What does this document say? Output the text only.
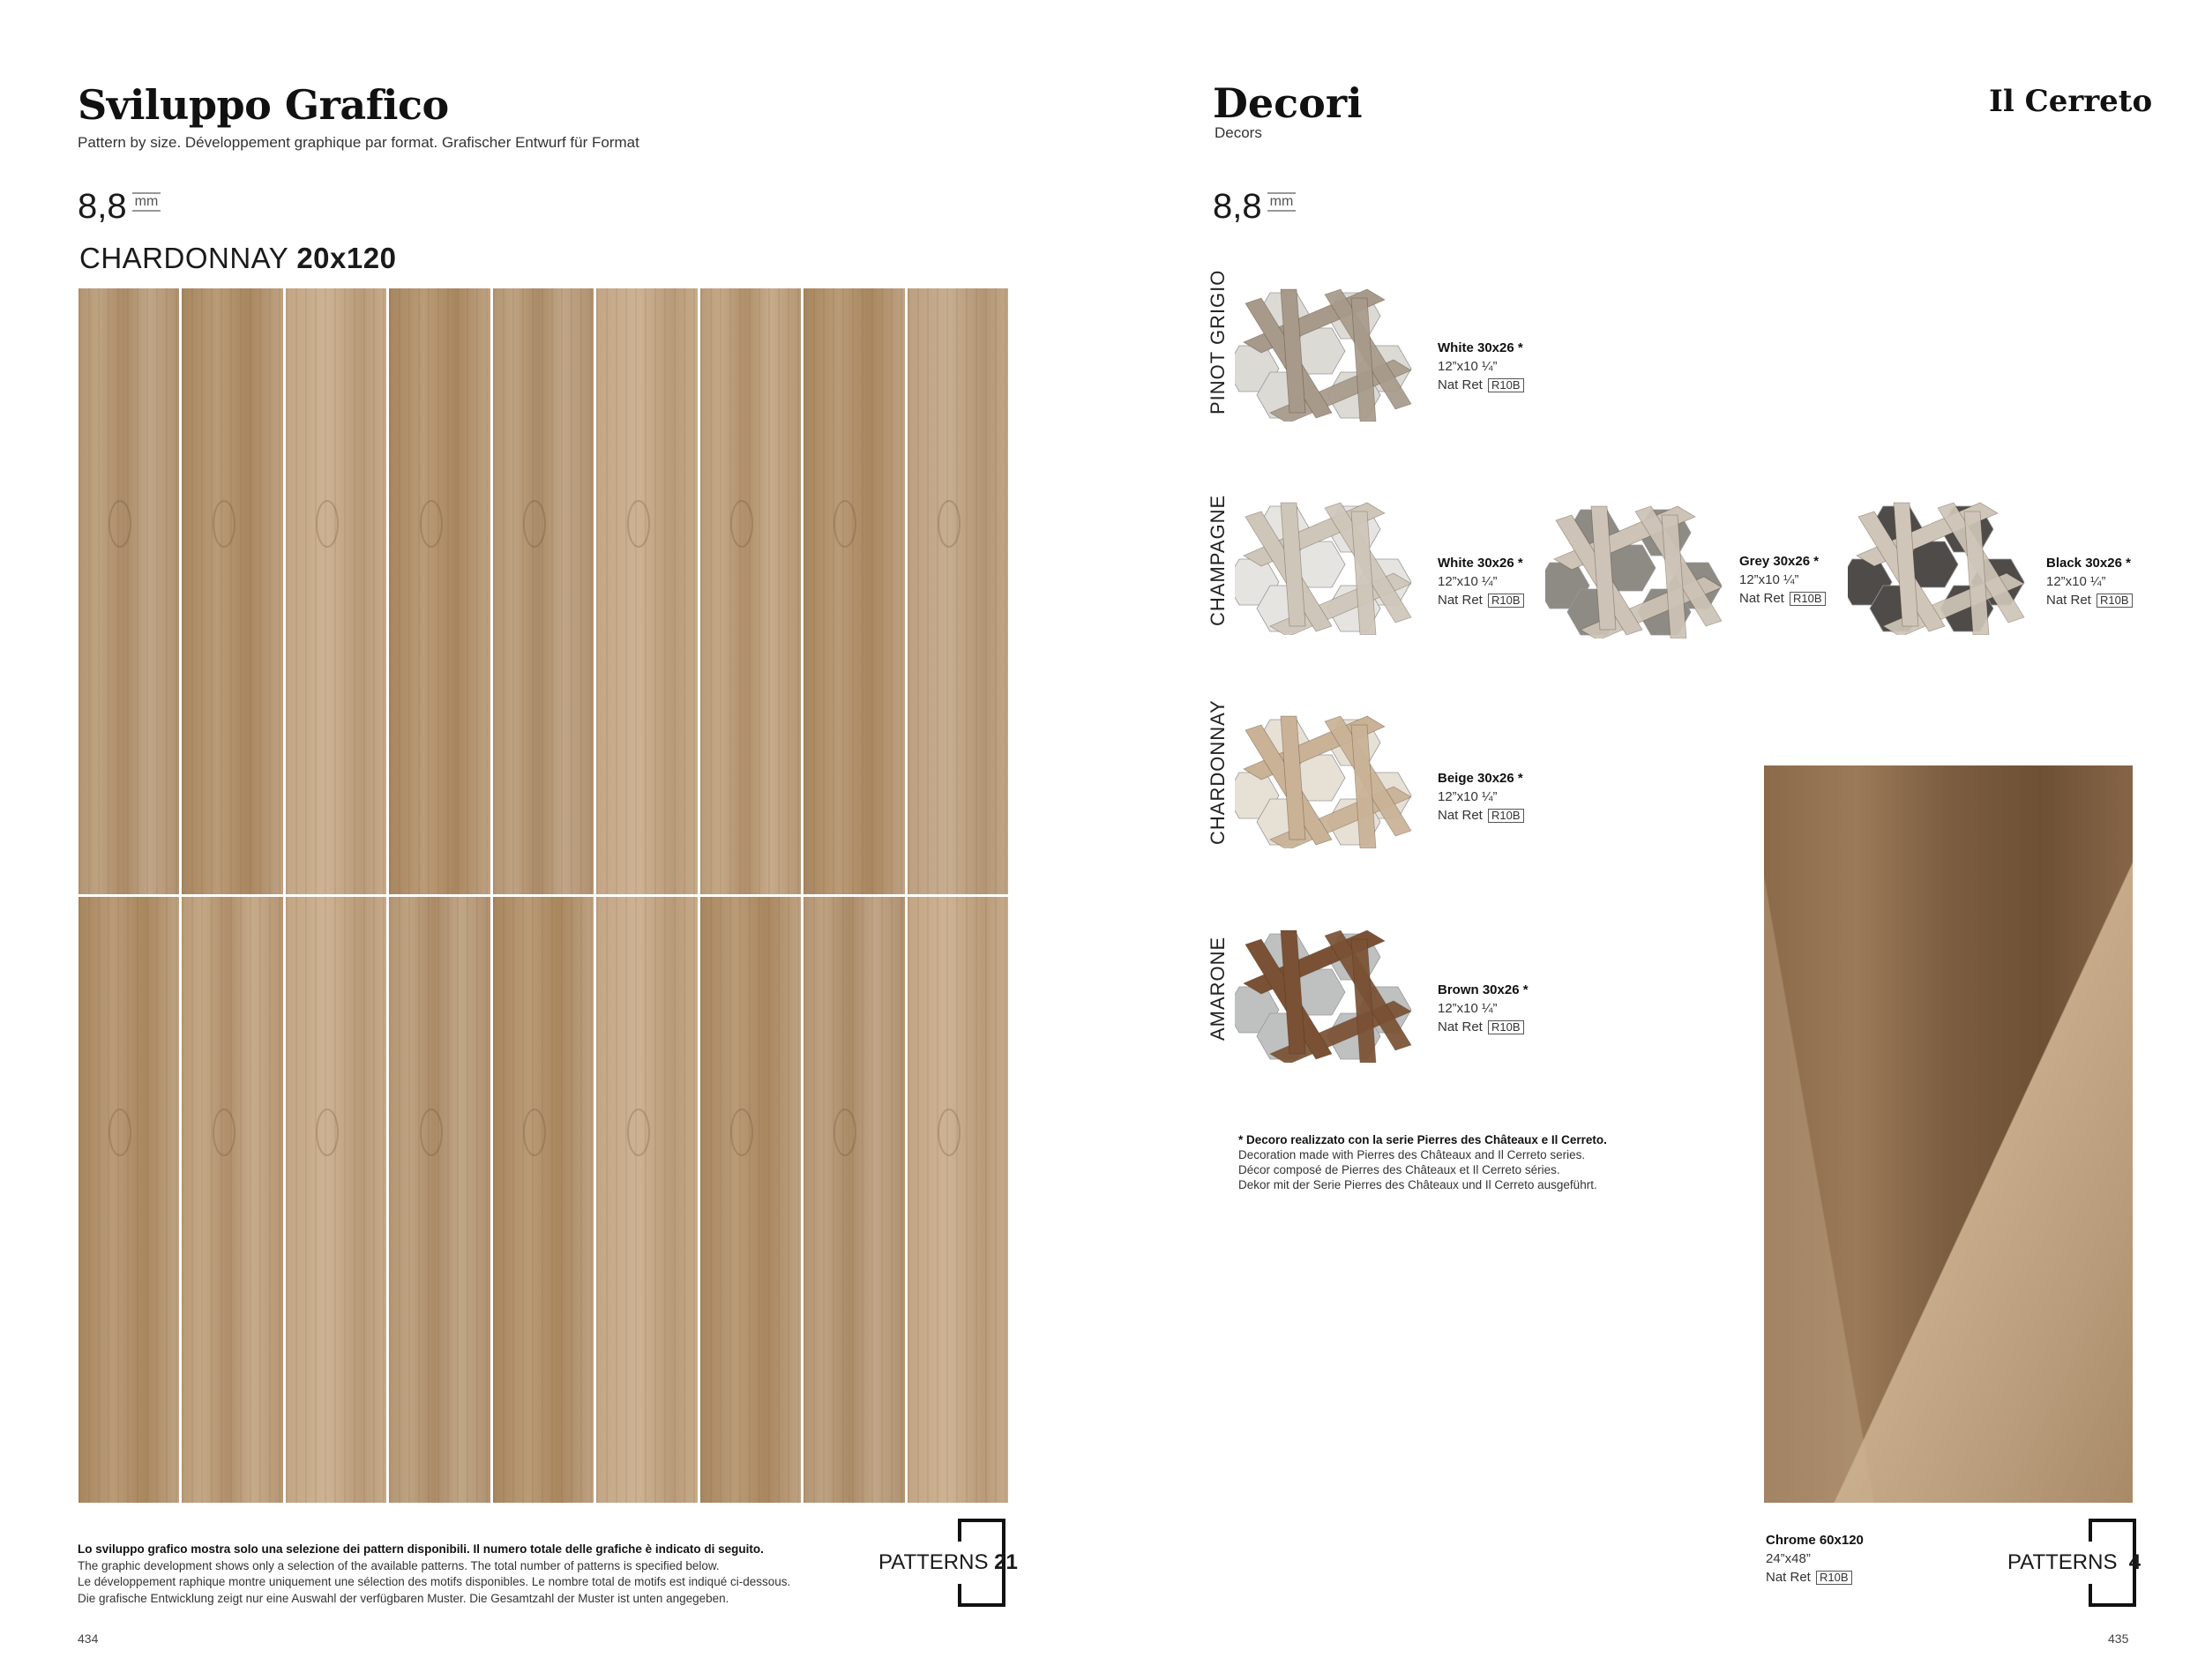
Sviluppo Grafico
Pattern by size. Développement graphique par format. Grafischer Entwurf für Format
8,8 mm
CHARDONNAY 20x120
Lo sviluppo grafico mostra solo una selezione dei pattern disponibili. Il numero totale delle grafiche è indicato di seguito.
The graphic development shows only a selection of the available patterns. The total number of patterns is specified below.
Le développement raphique montre uniquement une sélection des motifs disponibles. Le nombre total de motifs est indiqué ci-dessous.
Die grafische Entwicklung zeigt nur eine Auswahl der verfügbaren Muster. Die Gesamtzahl der Muster ist unten angegeben.
PATTERNS 21
434
Decori
Decors
Il Cerreto
8,8 mm
PINOT GRIGIO
CHAMPAGNE
CHARDONNAY
AMARONE
White 30x26 *
12”x10 ¼”
Nat Ret R10B
White 30x26 *
12”x10 ¼”
Nat Ret R10B
Grey 30x26 *
12”x10 ¼”
Nat Ret R10B
Black 30x26 *
12”x10 ¼”
Nat Ret R10B
Beige 30x26 *
12”x10 ¼”
Nat Ret R10B
Brown 30x26 *
12”x10 ¼”
Nat Ret R10B
* Decoro realizzato con la serie Pierres des Châteaux e Il Cerreto.
Decoration made with Pierres des Châteaux and Il Cerreto series.
Décor composé de Pierres des Châteaux et Il Cerreto séries.
Dekor mit der Serie Pierres des Châteaux und Il Cerreto ausgeführt.
Chrome 60x120
24”x48”
Nat Ret R10B
PATTERNS 4
435
